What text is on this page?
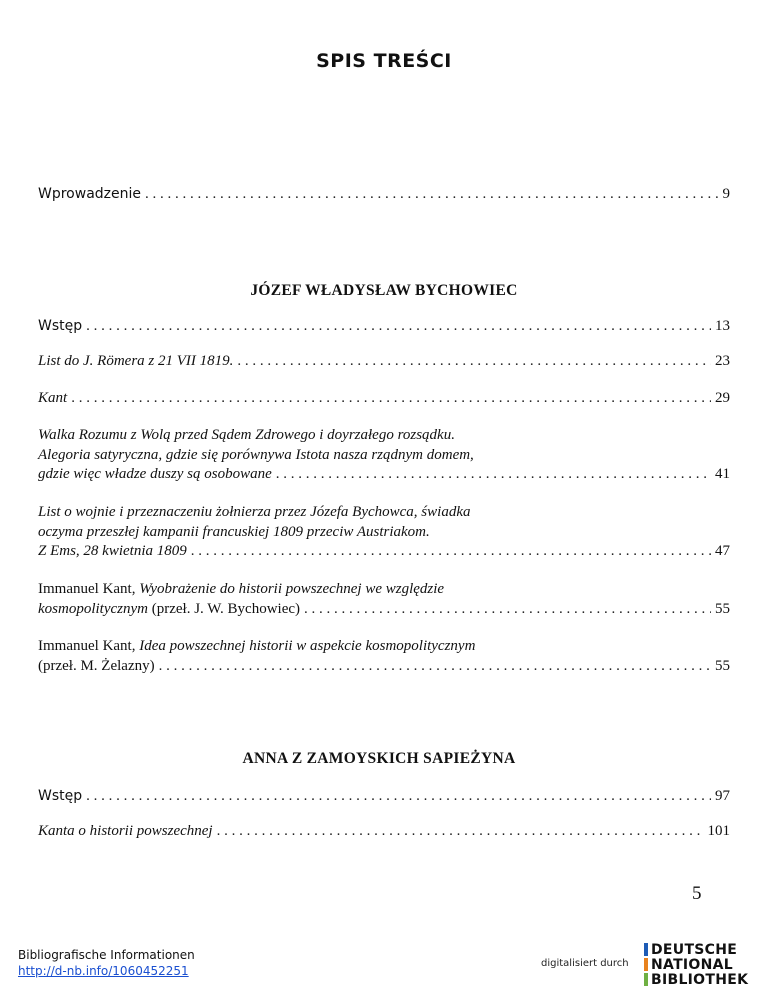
SPIS TREŚCI
Wprowadzenie . . .	9
JÓZEF WŁADYSŁAW BYCHOWIEC
Wstęp . . .	13
List do J. Römera z 21 VII 1819. . . .	23
Kant . . .	29
Walka Rozumu z Wolą przed Sądem Zdrowego i doyrzałego rozsądku.
Alegoria satyryczna, gdzie się porównywa Istota nasza rządnym domem,
gdzie więc władze duszy są osobowane . . .	41
List o wojnie i przeznaczeniu żołnierza przez Józefa Bychowca, świadka
oczyma przeszłej kampanii francuskiej 1809 przeciw Austriakom.
Z Ems, 28 kwietnia 1809 . . .	47
Immanuel Kant, Wyobrażenie do historii powszechnej we względzie
kosmopolitycznym
(przeł. J. W. Bychowiec) . . .	55
Immanuel Kant, Idea powszechnej historii w aspekcie kosmopolitycznym
(przeł. M. Żelazny) . . .	55
ANNA Z ZAMOYSKICH SAPIEŻYNA
Wstęp . . .	97
Kanta o historii powszechnej . . .	101
5
Bibliografische Informationen
http://d-nb.info/1060452251
digitalisiert durch
DEUTSCHE
NATIONAL
BIBLIOTHEK
